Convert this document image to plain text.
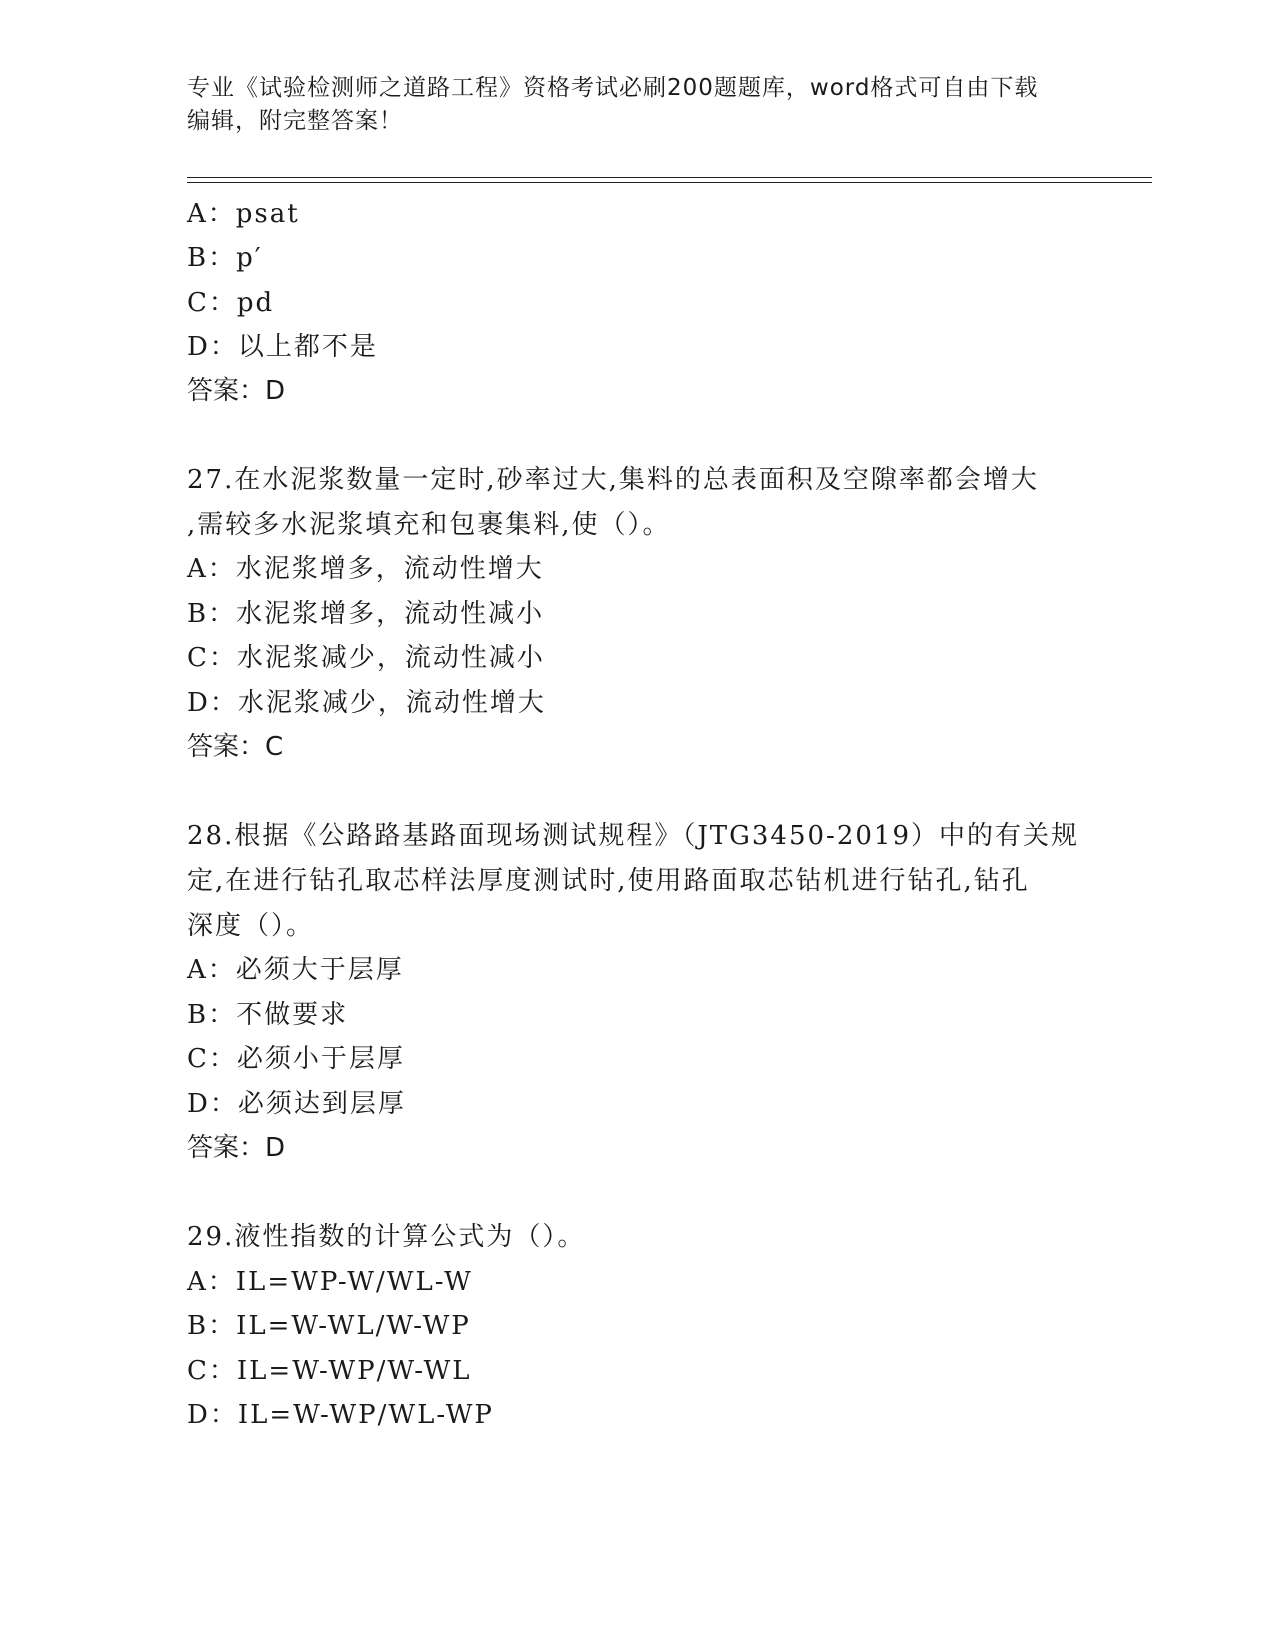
专业《试验检测师之道路工程》资格考试必刷200题题库，word格式可自由下载
编辑，附完整答案！
A：psat
B：p′
C：pd
D：以上都不是
答案：D
27.在水泥浆数量一定时,砂率过大,集料的总表面积及空隙率都会增大
,需较多水泥浆填充和包裹集料,使（）。
A：水泥浆增多，流动性增大
B：水泥浆增多，流动性减小
C：水泥浆减少，流动性减小
D：水泥浆减少，流动性增大
答案：C
28.根据《公路路基路面现场测试规程》（JTG3450-2019）中的有关规
定,在进行钻孔取芯样法厚度测试时,使用路面取芯钻机进行钻孔,钻孔
深度（）。
A：必须大于层厚
B：不做要求
C：必须小于层厚
D：必须达到层厚
答案：D
29.液性指数的计算公式为（）。
A：IL=WP-W/WL-W
B：IL=W-WL/W-WP
C：IL=W-WP/W-WL
D：IL=W-WP/WL-WP
